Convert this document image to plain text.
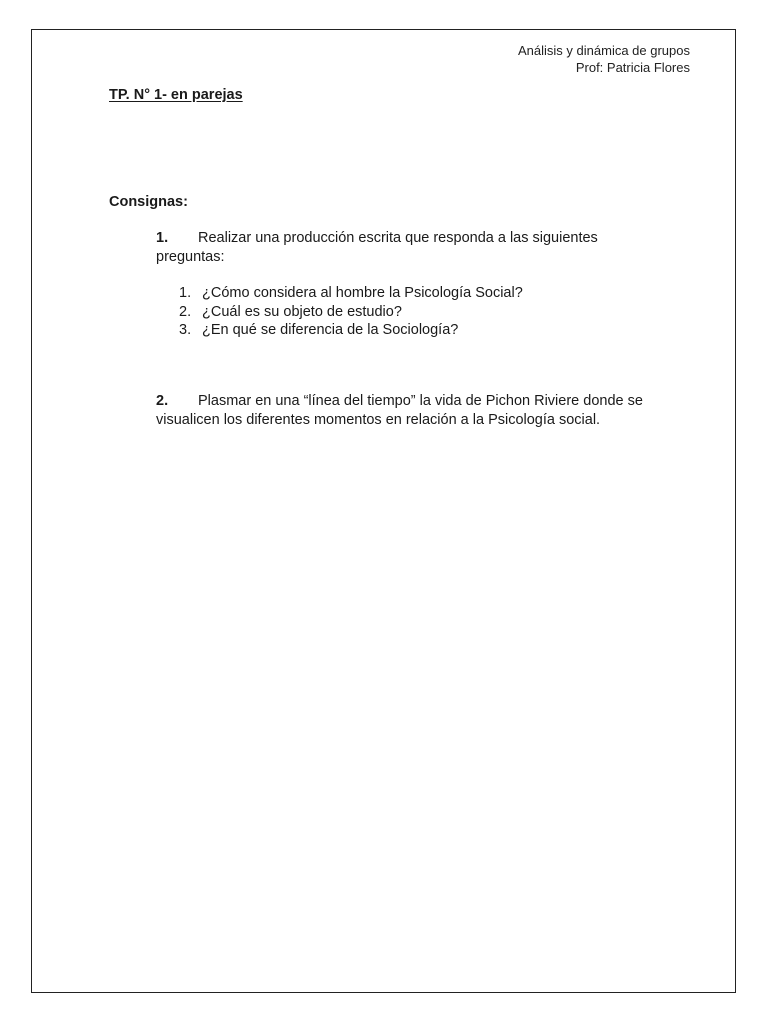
Análisis y dinámica de grupos
Prof: Patricia Flores
TP. N° 1- en parejas
Consignas:
1. Realizar una producción escrita que responda a las siguientes
preguntas:
1. ¿Cómo considera al hombre la Psicología Social?
2. ¿Cuál es su objeto de estudio?
3. ¿En qué se diferencia de la Sociología?
2. Plasmar en una “línea del tiempo” la vida de Pichon Riviere donde se
visualicen los diferentes momentos en relación a la Psicología social.
